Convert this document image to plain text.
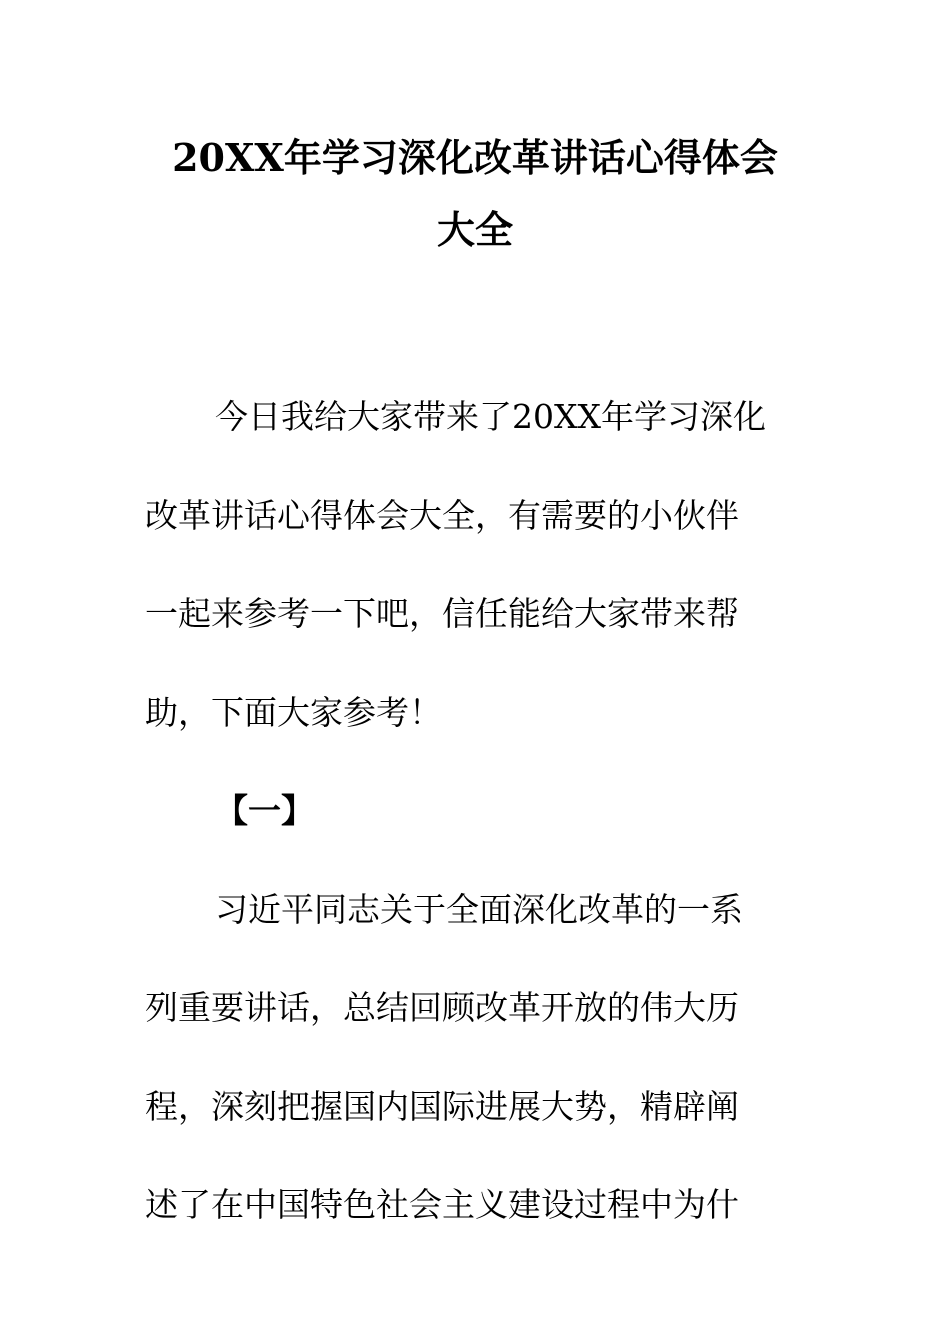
20XX年学习深化改革讲话心得体会
大全
今日我给大家带来了20XX年学习深化
改革讲话心得体会大全，有需要的小伙伴
一起来参考一下吧，信任能给大家带来帮
助，下面大家参考！
【一】
习近平同志关于全面深化改革的一系
列重要讲话，总结回顾改革开放的伟大历
程，深刻把握国内国际进展大势，精辟阐
述了在中国特色社会主义建设过程中为什
